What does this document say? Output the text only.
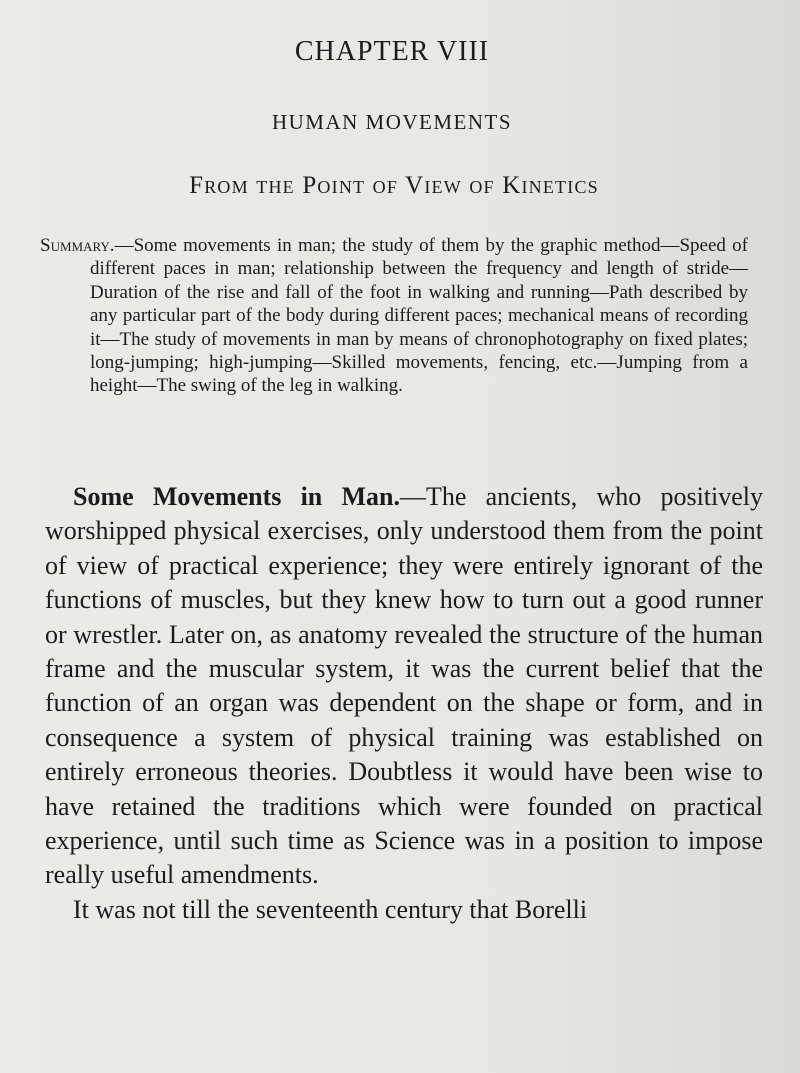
CHAPTER VIII
HUMAN MOVEMENTS
From the Point of View of Kinetics
Summary.—Some movements in man; the study of them by the graphic method—Speed of different paces in man; relationship between the frequency and length of stride—Duration of the rise and fall of the foot in walking and running—Path described by any particular part of the body during different paces; mechanical means of recording it—The study of movements in man by means of chronophotography on fixed plates; long-jumping; high-jumping—Skilled movements, fencing, etc.—Jumping from a height—The swing of the leg in walking.

Some Movements in Man.—The ancients, who positively worshipped physical exercises, only understood them from the point of view of practical experience; they were entirely ignorant of the functions of muscles, but they knew how to turn out a good runner or wrestler. Later on, as anatomy revealed the structure of the human frame and the muscular system, it was the current belief that the function of an organ was dependent on the shape or form, and in consequence a system of physical training was established on entirely erroneous theories. Doubtless it would have been wise to have retained the traditions which were founded on practical experience, until such time as Science was in a position to impose really useful amendments.

It was not till the seventeenth century that Borelli
